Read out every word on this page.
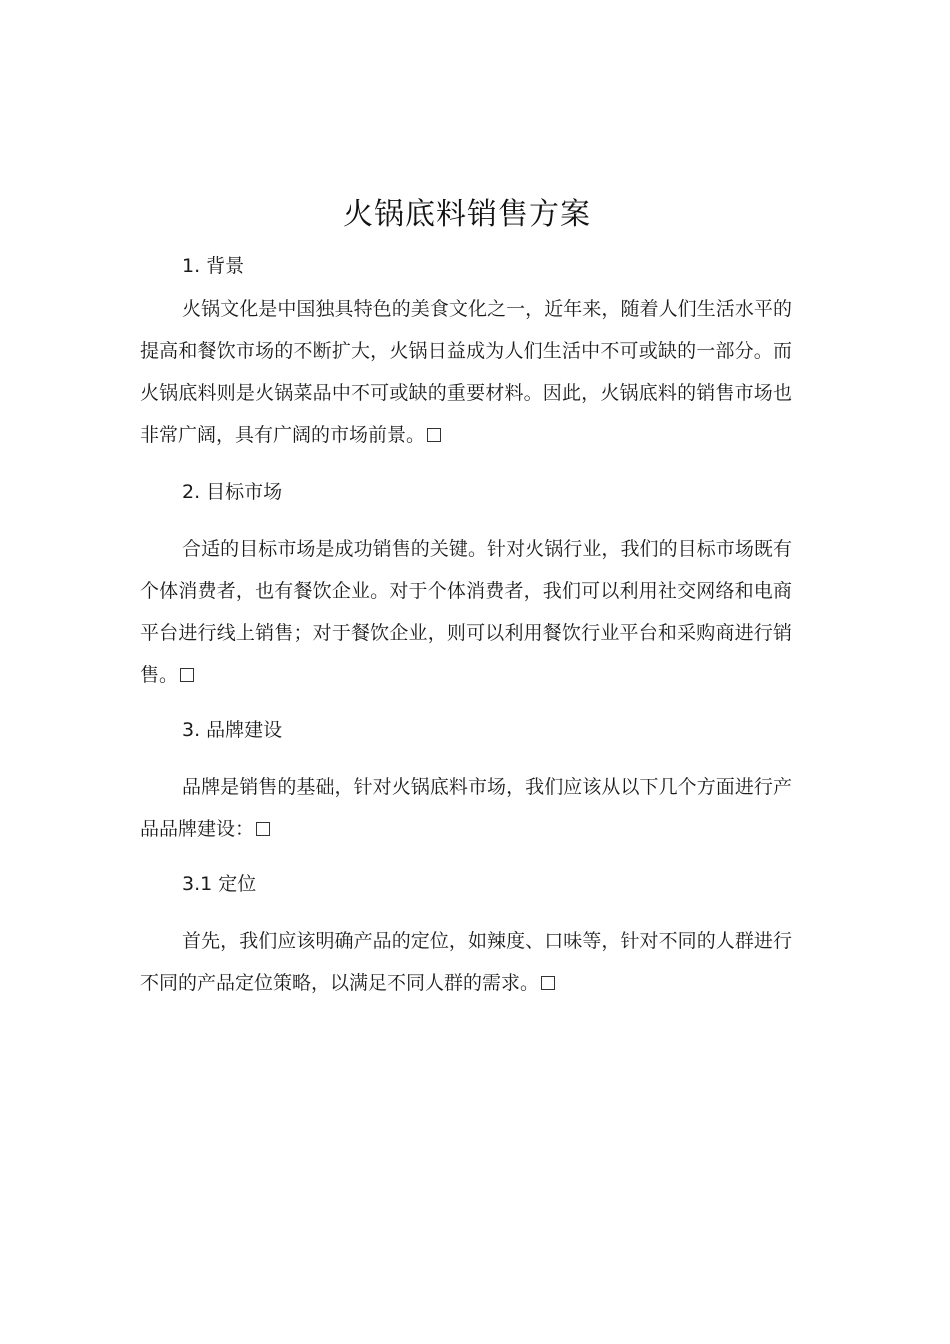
火锅底料销售方案
1. 背景
火锅文化是中国独具特色的美食文化之一，近年来，随着人们生活水平的提高和餐饮市场的不断扩大，火锅日益成为人们生活中不可或缺的一部分。而火锅底料则是火锅菜品中不可或缺的重要材料。因此，火锅底料的销售市场也非常广阔，具有广阔的市场前景。
2. 目标市场
合适的目标市场是成功销售的关键。针对火锅行业，我们的目标市场既有个体消费者，也有餐饮企业。对于个体消费者，我们可以利用社交网络和电商平台进行线上销售；对于餐饮企业，则可以利用餐饮行业平台和采购商进行销售。
3. 品牌建设
品牌是销售的基础，针对火锅底料市场，我们应该从以下几个方面进行产品品牌建设：
3.1 定位
首先，我们应该明确产品的定位，如辣度、口味等，针对不同的人群进行不同的产品定位策略，以满足不同人群的需求。
